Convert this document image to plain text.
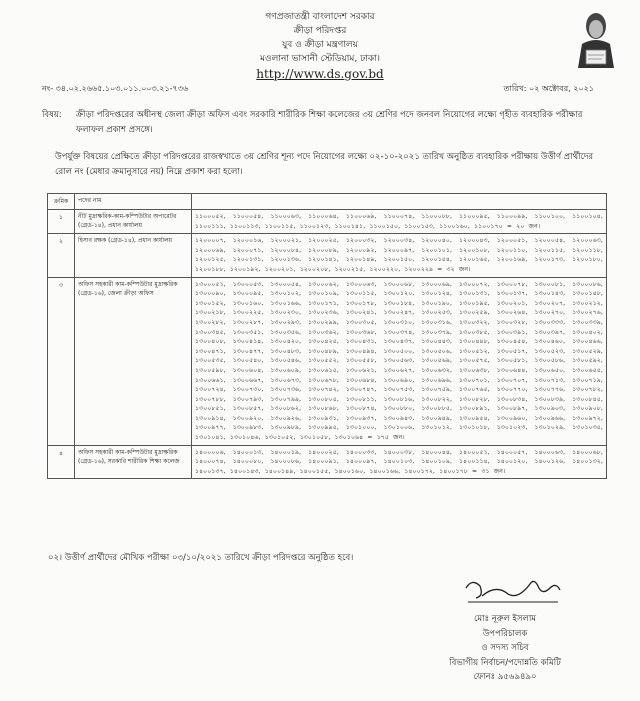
গণপ্রজাতন্ত্রী বাংলাদেশ সরকার
ক্রীড়া পরিদপ্তর
যুব ও ক্রীড়া মন্ত্রণালয়
মওলানা ভাসানী স্টেডিয়াম, ঢাকা।
http://www.ds.gov.bd
নং- ৩৪.০২.২৬৬৫.১০৩.০১১.০০৩.২১-৭৩৬	তারিখ: ০২ অক্টোবর, ২০২১
বিষয়:	ক্রীড়া পরিদপ্তরের অধীনস্থ জেলা ক্রীড়া অফিস এবং সরকারি শারীরিক শিক্ষা কলেজের ৩য় শ্রেণির পদে জনবল নিয়োগের লক্ষ্যে গৃহীত ব্যবহারিক পরীক্ষার ফলাফল প্রকাশ প্রসঙ্গে।
উপর্যুক্ত বিষয়ের প্রেক্ষিতে ক্রীড়া পরিদপ্তরের রাজস্বখাতে ৩য় শ্রেণির শূন্য পদে নিয়োগের লক্ষ্যে ০২-১০-২০২১ তারিখ অনুষ্ঠিত ব্যবহারিক পরীক্ষায় উত্তীর্ণ প্রার্থীদের রোল নং (মেধার ক্রমানুসারে নয়) নিম্নে প্রকাশ করা হলো।
ক্রমিক	পদের নাম	
১	নীট মুদ্রাক্ষরিক-কাম-কম্পিউটার অপারেটর (গ্রেড-১৪), প্রধান কার্যালয়	১১০০০৫২, ১১০০০৫৪, ১১০০০৬৩, ১১০০০৬৪, ১১০০০৬৯, ১১০০০৭৪, ১১০০০৮৮, ১১০০০৯৫, ১১০০০৯৯, ১১০০১০০, ১১০০১০৪, ১১০০১১১, ১১০০১১৩, ১১০০১১৫, ১১০০১২৩, ১১০০১৪১, ১১০০১৫০, ১১০০১৫৩, ১১০০১৬০, ১১০০১৭০ = ২০ জন।
২	হিসাব রক্ষক (গ্রেড-১৪), প্রধান কার্যালয়	১২০০০০৭, ১২০০০১৬, ১২০০০২১, ১২০০০২৫, ১২০০০৩২, ১২০০০৩৪, ১২০০০৪০, ১২০০০৪৩, ১২০০০৫১, ১২০০০৫৪, ১২০০০৬৩, ১২০০০৬৯, ১২০০০৭১, ১২০০০৮৪, ১২০০০৮৯, ১২০০০৯২, ১২০০০৯৭, ১২০০১০১, ১২০০১০৮, ১২০০১১০, ১২০০১১৫, ১২০০১১৮, ১২০০১২৫, ১২০০১৩১, ১২০০১৩৬, ১২০০১৪১, ১২০০১৪৯, ১২০০১৫০, ১২০০১৫৪, ১২০০১৬৫, ১২০০১৬৯, ১২০০১৭৩, ১২০০১৮০, ১২০০১৮৮, ১২০০১৯২, ১২০০২০১, ১২০০২০৮, ১২০০২১৫, ১২০০২২০, ১২০০২২৯ = ৩২ জন।
৩	অফিস সহকারী কাম-কম্পিউটার মুদ্রাক্ষরিক (গ্রেড-১৬), জেলা ক্রীড়া অফিস	১৩০০০৫১, ১৩০০০৫৩, ১৩০০০৫৪, ১৩০০০৬২, ১৩০০০৬৩, ১৩০০০৬৮, ১৩০০০৬৯, ১৩০০০৭২, ১৩০০০৭৮, ১৩০০০৮১, ১৩০০০৮৬, ১৩০০০৯০, ১৩০০০৯৫, ১৩০০১০২, ১৩০০১০৯, ১৩০০১১৫, ১৩০০১২০, ১৩০০১২৪, ১৩০০১৩১, ১৩০০১৩৭, ১৩০০১৪৩, ১৩০০১৪৮, ১৩০০১৫২, ১৩০০১৬০, ১৩০০১৬৬, ১৩০০১৭১, ১৩০০১৭৮, ১৩০০১৮৪, ১৩০০১৯০, ১৩০০১৯৫, ১৩০০২০১, ১৩০০২০৭, ১৩০০২১২, ১৩০০২১৮, ১৩০০২২৫, ১৩০০২৩০, ১৩০০২৩৬, ১৩০০২৪১, ১৩০০২৪৭, ১৩০০২৫৩, ১৩০০২৫৯, ১৩০০২৬৪, ১৩০০২৭০, ১৩০০২৭৬, ১৩০০২৮২, ১৩০০২৮৭, ১৩০০২৯৩, ১৩০০২৯৯, ১৩০০৩০৫, ১৩০০৩১০, ১৩০০৩১৬, ১৩০০৩২২, ১৩০০৩২৮, ১৩০০৩৩৩, ১৩০০৩৩৯, ১৩০০৩৪৫, ১৩০০৩৫১, ১৩০০৩৫৬, ১৩০০৩৬২, ১৩০০৩৬৮, ১৩০০৩৭৪, ১৩০০৩৭৯, ১৩০০৩৮৫, ১৩০০৩৯১, ১৩০০৩৯৭, ১৩০০৪০২, ১৩০০৪০৮, ১৩০০৪১৪, ১৩০০৪২০, ১৩০০৪২৫, ১৩০০৪৩১, ১৩০০৪৩৭, ১৩০০৪৪৩, ১৩০০৪৪৮, ১৩০০৪৫৪, ১৩০০৪৬০, ১৩০০৪৬৬, ১৩০০৪৭১, ১৩০০৪৭৭, ১৩০০৪৮৩, ১৩০০৪৮৯, ১৩০০৪৯৪, ১৩০০৫০০, ১৩০০৫০৬, ১৩০০৫১২, ১৩০০৫১৭, ১৩০০৫২৩, ১৩০০৫২৯, ১৩০০৫৩৫, ১৩০০৫৪০, ১৩০০৫৪৬, ১৩০০৫৫২, ১৩০০৫৫৮, ১৩০০৫৬৩, ১৩০০৫৬৯, ১৩০০৫৭৫, ১৩০০৫৮১, ১৩০০৫৮৬, ১৩০০৫৯২, ১৩০০৫৯৮, ১৩০০৬০৪, ১৩০০৬০৯, ১৩০০৬১৫, ১৩০০৬২১, ১৩০০৬২৭, ১৩০০৬৩২, ১৩০০৬৩৮, ১৩০০৬৪৪, ১৩০০৬৫০, ১৩০০৬৫৫, ১৩০০৬৬১, ১৩০০৬৬৭, ১৩০০৬৭৩, ১৩০০৬৭৮, ১৩০০৬৮৪, ১৩০০৬৯০, ১৩০০৬৯৬, ১৩০০৭০১, ১৩০০৭০৭, ১৩০০৭১৩, ১৩০০৭১৯, ১৩০০৭২৪, ১৩০০৭৩০, ১৩০০৭৩৬, ১৩০০৭৪২, ১৩০০৭৪৭, ১৩০০৭৫৩, ১৩০০৭৫৯, ১৩০০৭৬৫, ১৩০০৭৭০, ১৩০০৭৭৬, ১৩০০৭৮২, ১৩০০৭৮৮, ১৩০০৭৯৩, ১৩০০৭৯৯, ১৩০০৮০৫, ১৩০০৮১১, ১৩০০৮১৬, ১৩০০৮২২, ১৩০০৮২৮, ১৩০০৮৩৪, ১৩০০৮৩৯, ১৩০০৮৪৫, ১৩০০৮৫১, ১৩০০৮৫৭, ১৩০০৮৬২, ১৩০০৮৬৮, ১৩০০৮৭৪, ১৩০০৮৮০, ১৩০০৮৮৫, ১৩০০৮৯১, ১৩০০৮৯৭, ১৩০০৯০৩, ১৩০০৯০৮, ১৩০০৯১৪, ১৩০০৯২০, ১৩০০৯২৬, ১৩০০৯৩১, ১৩০০৯৩৭, ১৩০০৯৪৩, ১৩০০৯৪৯, ১৩০০৯৫৪, ১৩০০৯৬০, ১৩০০৯৬৬, ১৩০০৯৭২, ১৩০০৯৭৭, ১৩০০৯৮৩, ১৩০০৯৮৯, ১৩০০৯৯৫, ১৩০১০০০, ১৩০১০০৬, ১৩০১০১২, ১৩০১০১৮, ১৩০১০২৩, ১৩০১০২৯, ১৩০১০৩৫, ১৩০১০৪১, ১৩০১০৪৬, ১৩০১০৫২, ১৩০১০৫৮, ১৩০১০৬৪ = ১৭৫ জন।
৪	অফিস সহকারী কাম-কম্পিউটার মুদ্রাক্ষরিক (গ্রেড-১৬), সরকারি শারীরিক শিক্ষা কলেজ	১৪০০০০৬, ১৪০০০১৩, ১৪০০০১৯, ১৪০০০২৫, ১৪০০০৩৩, ১৪০০০৩৮, ১৪০০০৪৪, ১৪০০০৫১, ১৪০০০৫৭, ১৪০০০৬৩, ১৪০০০৬৮, ১৪০০০৭৪, ১৪০০০৮০, ১৪০০০৮৬, ১৪০০০৯১, ১৪০০০৯৭, ১৪০০১০৩, ১৪০০১০৯, ১৪০০১১৪, ১৪০০১২০, ১৪০০১২৬, ১৪০০১৩২, ১৪০০১৩৭, ১৪০০১৪৩, ১৪০০১৪৯, ১৪০০১৫৫, ১৪০০১৬০, ১৪০০১৬৬, ১৪০০১৭২, ১৪০০১৭৮ = ৩১ জন।
০২। উত্তীর্ণ প্রার্থীদের মৌখিক পরীক্ষা ০৩/১০/২০২১ তারিখে ক্রীড়া পরিদপ্তরে অনুষ্ঠিত হবে।
মোঃ নূরুল ইসলাম
উপপরিচালক
ও সদস্য সচিব
বিভাগীয় নির্বাচন/পদোন্নতি কমিটি
ফোনঃ ৯৫৬৯৪৯০
